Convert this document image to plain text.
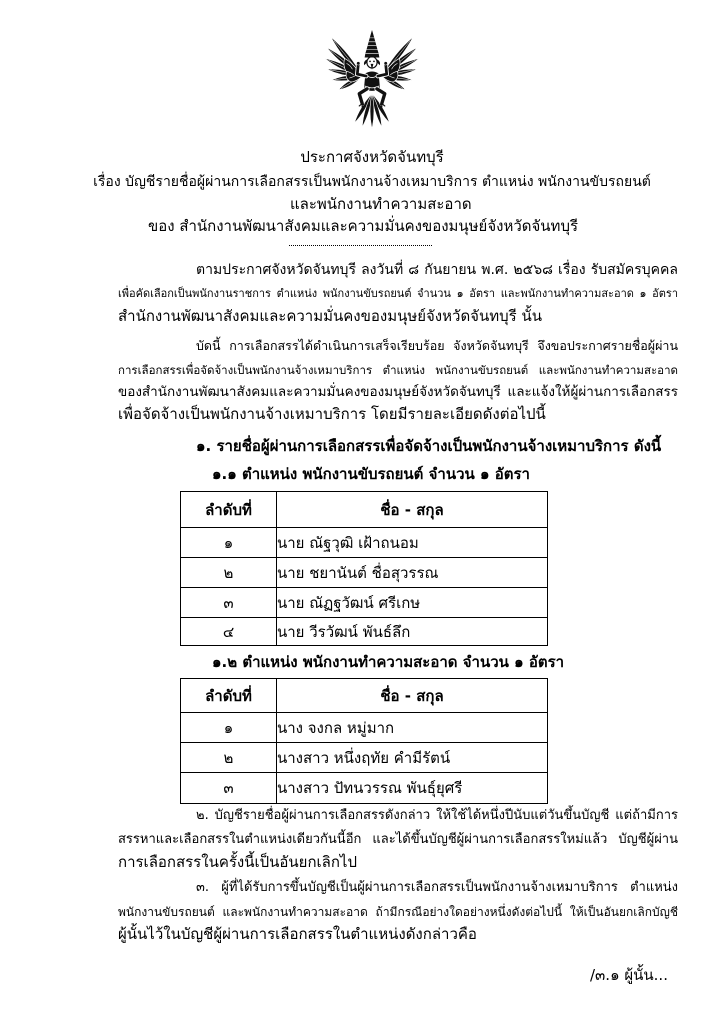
ประกาศจังหวัดจันทบุรี
เรื่อง บัญชีรายชื่อผู้ผ่านการเลือกสรรเป็นพนักงานจ้างเหมาบริการ ตำแหน่ง พนักงานขับรถยนต์
และพนักงานทำความสะอาด
ของ สำนักงานพัฒนาสังคมและความมั่นคงของมนุษย์จังหวัดจันทบุรี
ตามประกาศจังหวัดจันทบุรี ลงวันที่ ๘ กันยายน พ.ศ. ๒๕๖๘ เรื่อง รับสมัครบุคคล
เพื่อคัดเลือกเป็นพนักงานราชการ ตำแหน่ง พนักงานขับรถยนต์ จำนวน ๑ อัตรา และพนักงานทำความสะอาด ๑ อัตรา
สำนักงานพัฒนาสังคมและความมั่นคงของมนุษย์จังหวัดจันทบุรี นั้น
บัดนี้ การเลือกสรรได้ดำเนินการเสร็จเรียบร้อย จังหวัดจันทบุรี จึงขอประกาศรายชื่อผู้ผ่าน
การเลือกสรรเพื่อจัดจ้างเป็นพนักงานจ้างเหมาบริการ ตำแหน่ง พนักงานขับรถยนต์ และพนักงานทำความสะอาด
ของสำนักงานพัฒนาสังคมและความมั่นคงของมนุษย์จังหวัดจันทบุรี และแจ้งให้ผู้ผ่านการเลือกสรร
เพื่อจัดจ้างเป็นพนักงานจ้างเหมาบริการ โดยมีรายละเอียดดังต่อไปนี้
๑. รายชื่อผู้ผ่านการเลือกสรรเพื่อจัดจ้างเป็นพนักงานจ้างเหมาบริการ ดังนี้
๑.๑ ตำแหน่ง พนักงานขับรถยนต์ จำนวน ๑ อัตรา
ลำดับที่	ชื่อ - สกุล
๑	นาย ณัฐวุฒิ เฝ้าถนอม
๒	นาย ชยานันต์ ชื่อสุวรรณ
๓	นาย ณัฏฐวัฒน์ ศรีเกษ
๔	นาย วีรวัฒน์ พันธ์ลึก
๑.๒ ตำแหน่ง พนักงานทำความสะอาด จำนวน ๑ อัตรา
ลำดับที่	ชื่อ - สกุล
๑	นาง จงกล หมู่มาก
๒	นางสาว หนึ่งฤทัย คำมีรัตน์
๓	นางสาว ปัทนวรรณ พันธุ์ยุศรี
๒. บัญชีรายชื่อผู้ผ่านการเลือกสรรดังกล่าว ให้ใช้ได้หนึ่งปีนับแต่วันขึ้นบัญชี แต่ถ้ามีการ
สรรหาและเลือกสรรในตำแหน่งเดียวกันนี้อีก และได้ขึ้นบัญชีผู้ผ่านการเลือกสรรใหม่แล้ว บัญชีผู้ผ่าน
การเลือกสรรในครั้งนี้เป็นอันยกเลิกไป
๓. ผู้ที่ได้รับการขึ้นบัญชีเป็นผู้ผ่านการเลือกสรรเป็นพนักงานจ้างเหมาบริการ ตำแหน่ง
พนักงานขับรถยนต์ และพนักงานทำความสะอาด ถ้ามีกรณีอย่างใดอย่างหนึ่งดังต่อไปนี้ ให้เป็นอันยกเลิกบัญชี
ผู้นั้นไว้ในบัญชีผู้ผ่านการเลือกสรรในตำแหน่งดังกล่าวคือ
/๓.๑ ผู้นั้น...
